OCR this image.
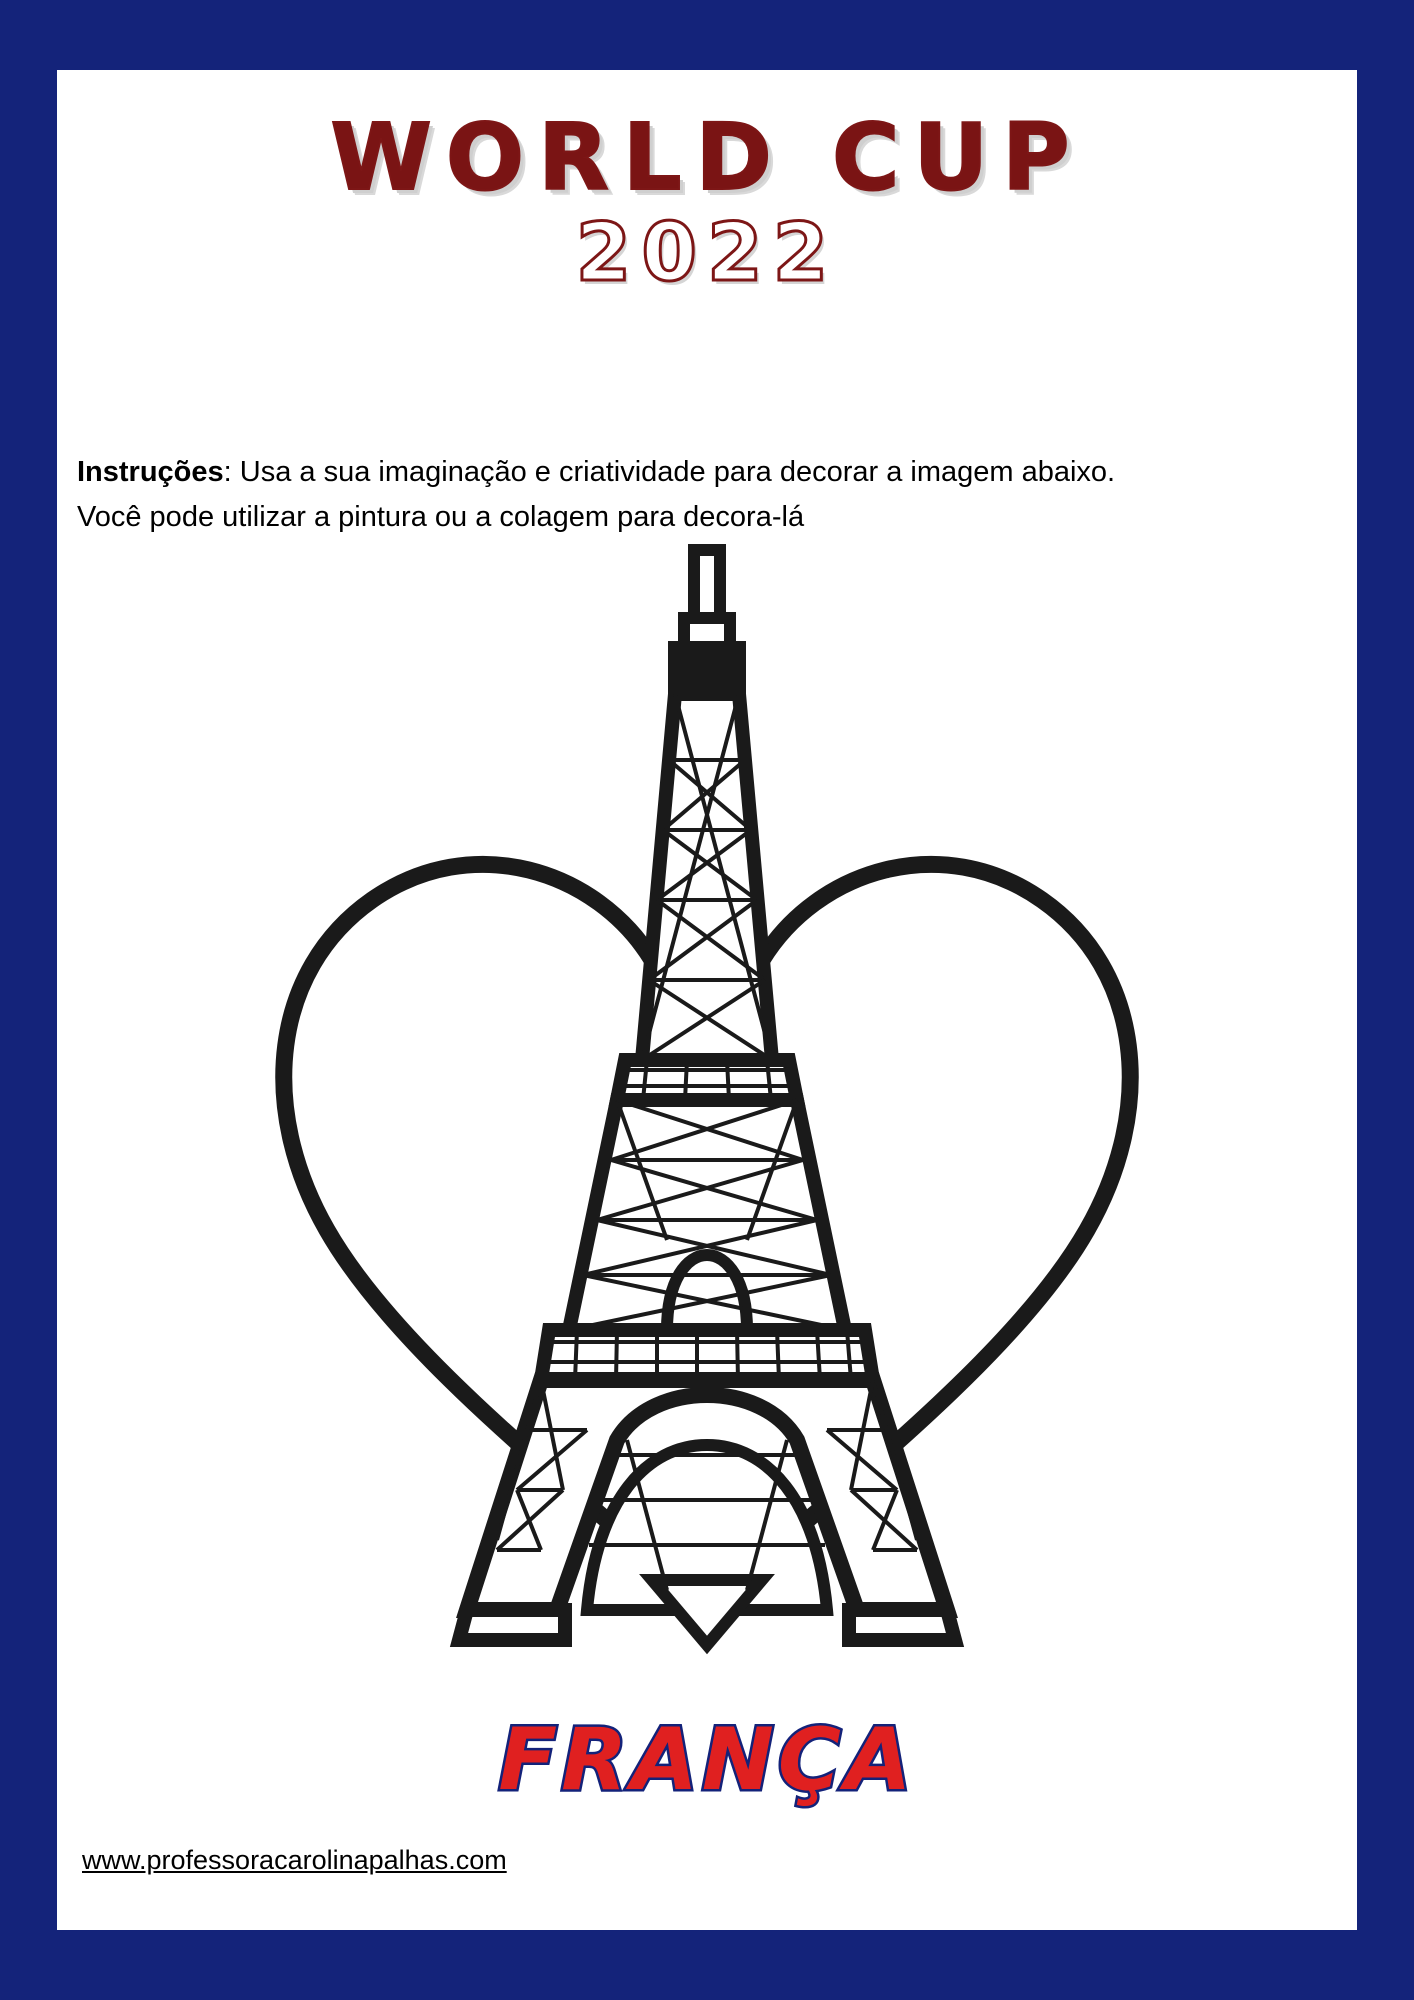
WORLD CUP
2022
Instruções: Usa a sua imaginação e criatividade para decorar a imagem abaixo.
Você pode utilizar a pintura ou a colagem para decora-lá
FRANÇA
www.professoracarolinapalhas.com
